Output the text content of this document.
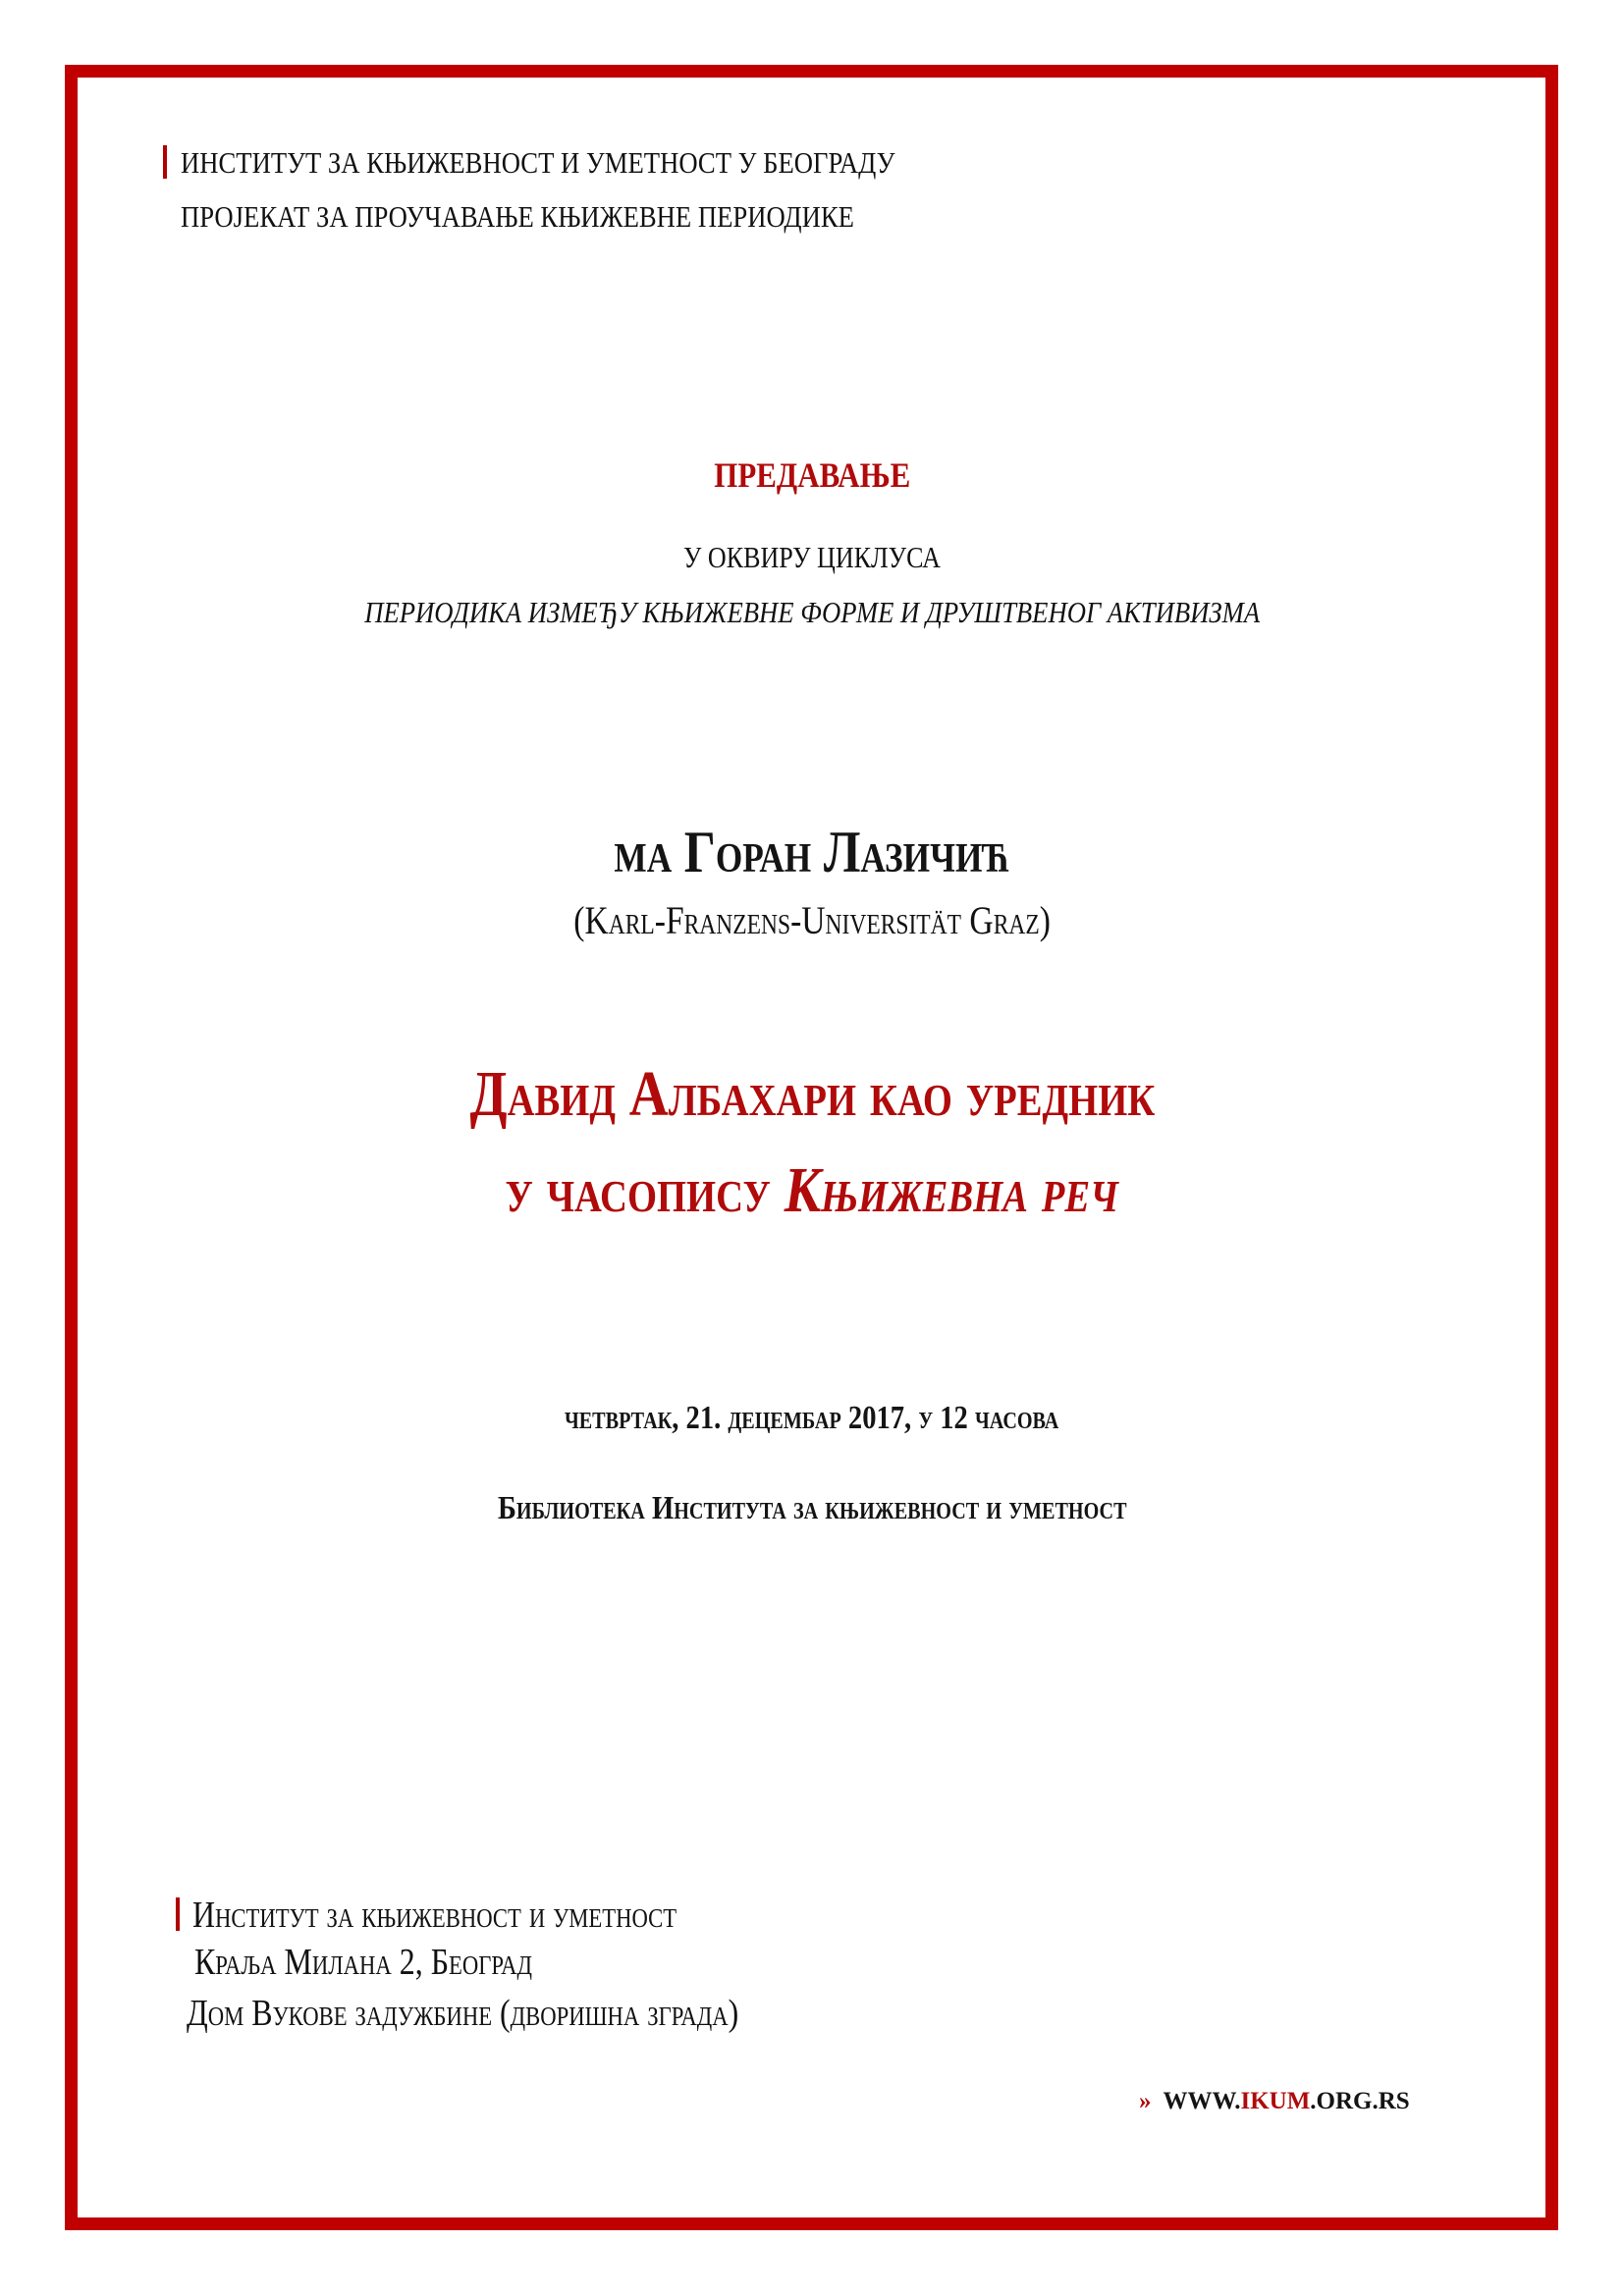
ИНСТИТУТ ЗА КЊИЖЕВНОСТ И УМЕТНОСТ У БЕОГРАДУ
ПРОЈЕКАТ ЗА ПРОУЧАВАЊЕ КЊИЖЕВНЕ ПЕРИОДИКЕ
ПРЕДАВАЊЕ
У ОКВИРУ ЦИКЛУСА
ПЕРИОДИКА ИЗМЕЂУ КЊИЖЕВНЕ ФОРМЕ И ДРУШТВЕНОГ АКТИВИЗМА
ма Горан Лазичић
(Karl-Franzens-Universität Graz)
Давид Албахари као уредник
у часопису Књижевна реч
четвртак, 21. децембар 2017, у 12 часова
Библиотека Института за књижевност и уметност
Институт за књижевност и уметност
Краља Милана 2, Београд
Дом Вукове задужбине (дворишна зграда)
» WWW.IKUM.ORG.RS
